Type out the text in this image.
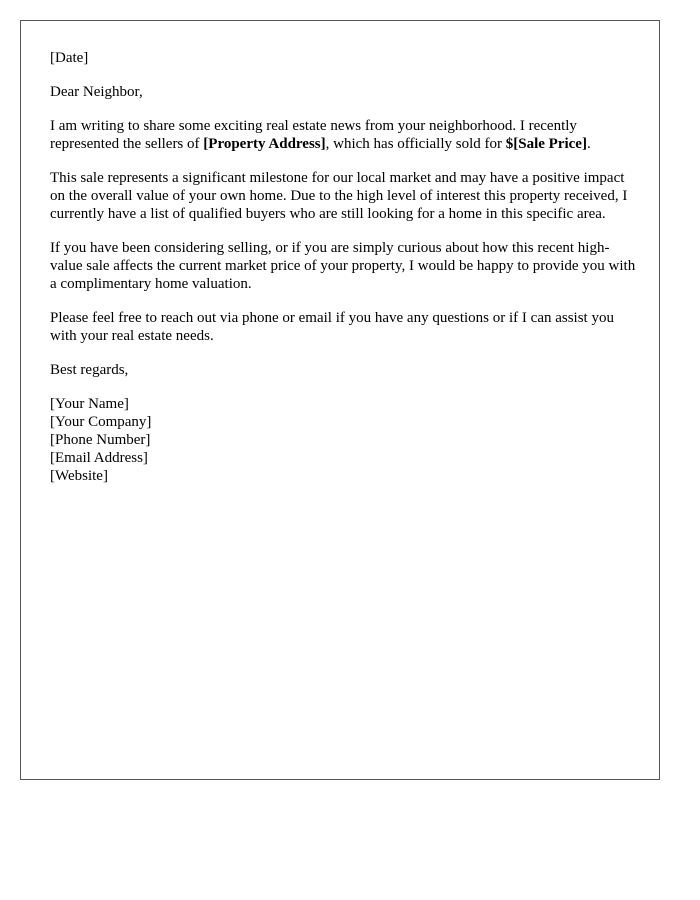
[Date]

Dear Neighbor,

I am writing to share some exciting real estate news from your neighborhood. I recently represented the sellers of [Property Address], which has officially sold for $[Sale Price].

This sale represents a significant milestone for our local market and may have a positive impact on the overall value of your own home. Due to the high level of interest this property received, I currently have a list of qualified buyers who are still looking for a home in this specific area.

If you have been considering selling, or if you are simply curious about how this recent high-value sale affects the current market price of your property, I would be happy to provide you with a complimentary home valuation.

Please feel free to reach out via phone or email if you have any questions or if I can assist you with your real estate needs.

Best regards,

[Your Name]
[Your Company]
[Phone Number]
[Email Address]
[Website]
